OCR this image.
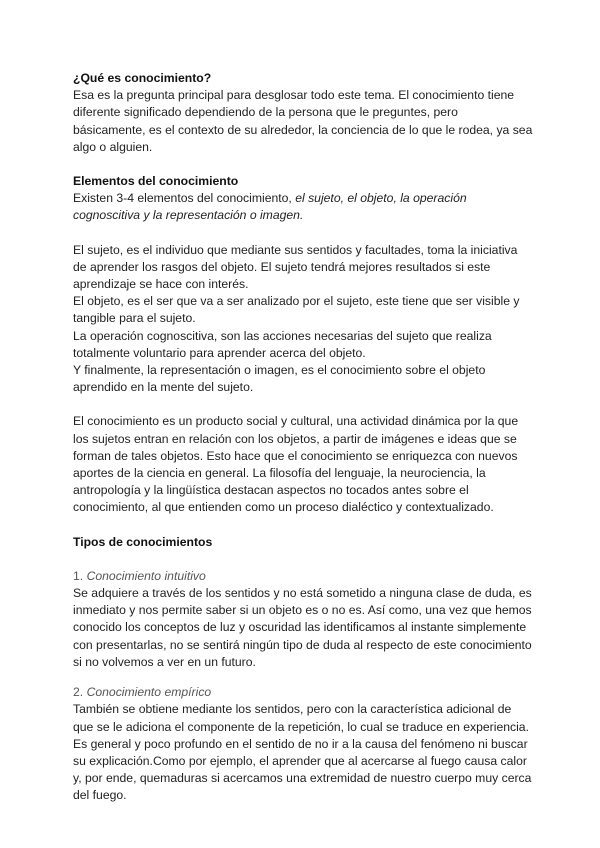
¿Qué es conocimiento?

Esa es la pregunta principal para desglosar todo este tema. El conocimiento tiene diferente significado dependiendo de la persona que le preguntes, pero básicamente, es el contexto de su alrededor, la conciencia de lo que le rodea, ya sea algo o alguien.

Elementos del conocimiento

Existen 3-4 elementos del conocimiento, el sujeto, el objeto, la operación cognoscitiva y la representación o imagen.

El sujeto, es el individuo que mediante sus sentidos y facultades, toma la iniciativa de aprender los rasgos del objeto. El sujeto tendrá mejores resultados si este aprendizaje se hace con interés.

El objeto, es el ser que va a ser analizado por el sujeto, este tiene que ser visible y tangible para el sujeto.

La operación cognoscitiva, son las acciones necesarias del sujeto que realiza totalmente voluntario para aprender acerca del objeto.

Y finalmente, la representación o imagen, es el conocimiento sobre el objeto aprendido en la mente del sujeto.

El conocimiento es un producto social y cultural, una actividad dinámica por la que los sujetos entran en relación con los objetos, a partir de imágenes e ideas que se forman de tales objetos. Esto hace que el conocimiento se enriquezca con nuevos aportes de la ciencia en general. La filosofía del lenguaje, la neurociencia, la antropología y la lingüística destacan aspectos no tocados antes sobre el conocimiento, al que entienden como un proceso dialéctico y contextualizado.

Tipos de conocimientos

1. Conocimiento intuitivo

Se adquiere a través de los sentidos y no está sometido a ninguna clase de duda, es inmediato y nos permite saber si un objeto es o no es. Así como, una vez que hemos conocido los conceptos de luz y oscuridad las identificamos al instante simplemente con presentarlas, no se sentirá ningún tipo de duda al respecto de este conocimiento si no volvemos a ver en un futuro.

2. Conocimiento empírico

También se obtiene mediante los sentidos, pero con la característica adicional de que se le adiciona el componente de la repetición, lo cual se traduce en experiencia. Es general y poco profundo en el sentido de no ir a la causa del fenómeno ni buscar su explicación.Como por ejemplo, el aprender que al acercarse al fuego causa calor y, por ende, quemaduras si acercamos una extremidad de nuestro cuerpo muy cerca del fuego.
